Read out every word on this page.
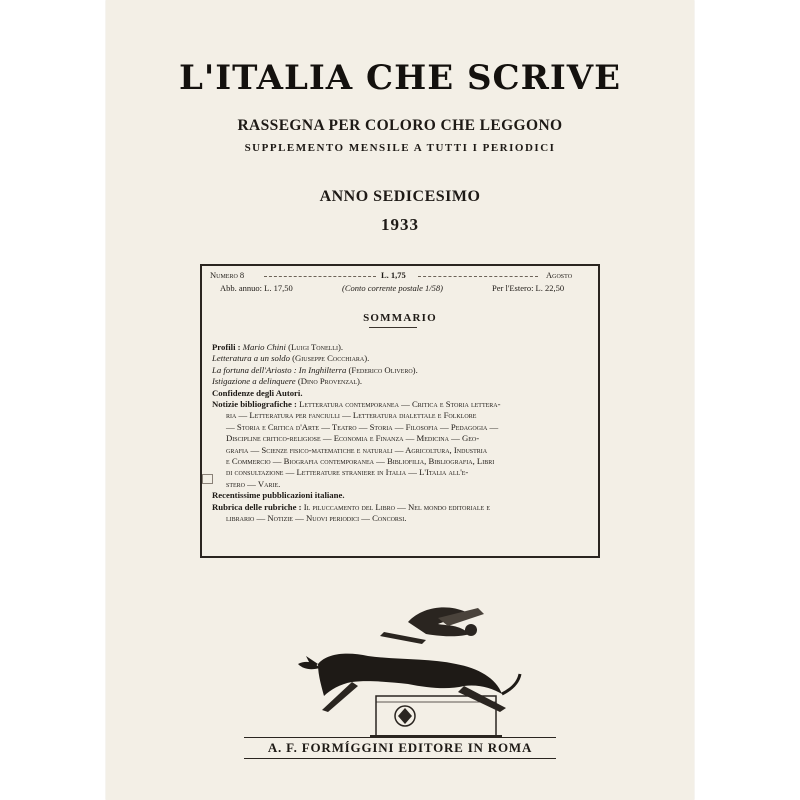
L'ITALIA CHE SCRIVE
RASSEGNA PER COLORO CHE LEGGONO
SUPPLEMENTO MENSILE A TUTTI I PERIODICI
ANNO SEDICESIMO
1933
Numero 8	L. 1,75	Agosto
Abb. annuo: L. 17,50	(Conto corrente postale 1/58)	Per l'Estero: L. 22,50
SOMMARIO
Profili : Mario Chini (Luigi Tonelli).
Letteratura a un soldo (Giuseppe Cocchiara).
La fortuna dell'Ariosto : In Inghilterra (Federico Olivero).
Istigazione a delinquere (Dino Provenzal).
Confidenze degli Autori.
Notizie bibliografiche : Letteratura contemporanea — Critica e Storia lettera-
ria — Letteratura per fanciulli — Letteratura dialettale e Folklore
— Storia e Critica d'Arte — Teatro — Storia — Filosofia — Pedagogia —
Discipline critico-religiose — Economia e Finanza — Medicina — Geo-
grafia — Scienze fisico-matematiche e naturali — Agricoltura, Industria
e Commercio — Biografia contemporanea — Bibliofilia, Bibliografia, Libri
di consultazione — Letterature straniere in Italia — L'Italia all'e-
stero — Varie.
Recentissime pubblicazioni italiane.
Rubrica delle rubriche : Il piluccamento del Libro — Nel mondo editoriale e
librario — Notizie — Nuovi periodici — Concorsi.
A. F. FORMÍGGINI EDITORE IN ROMA
